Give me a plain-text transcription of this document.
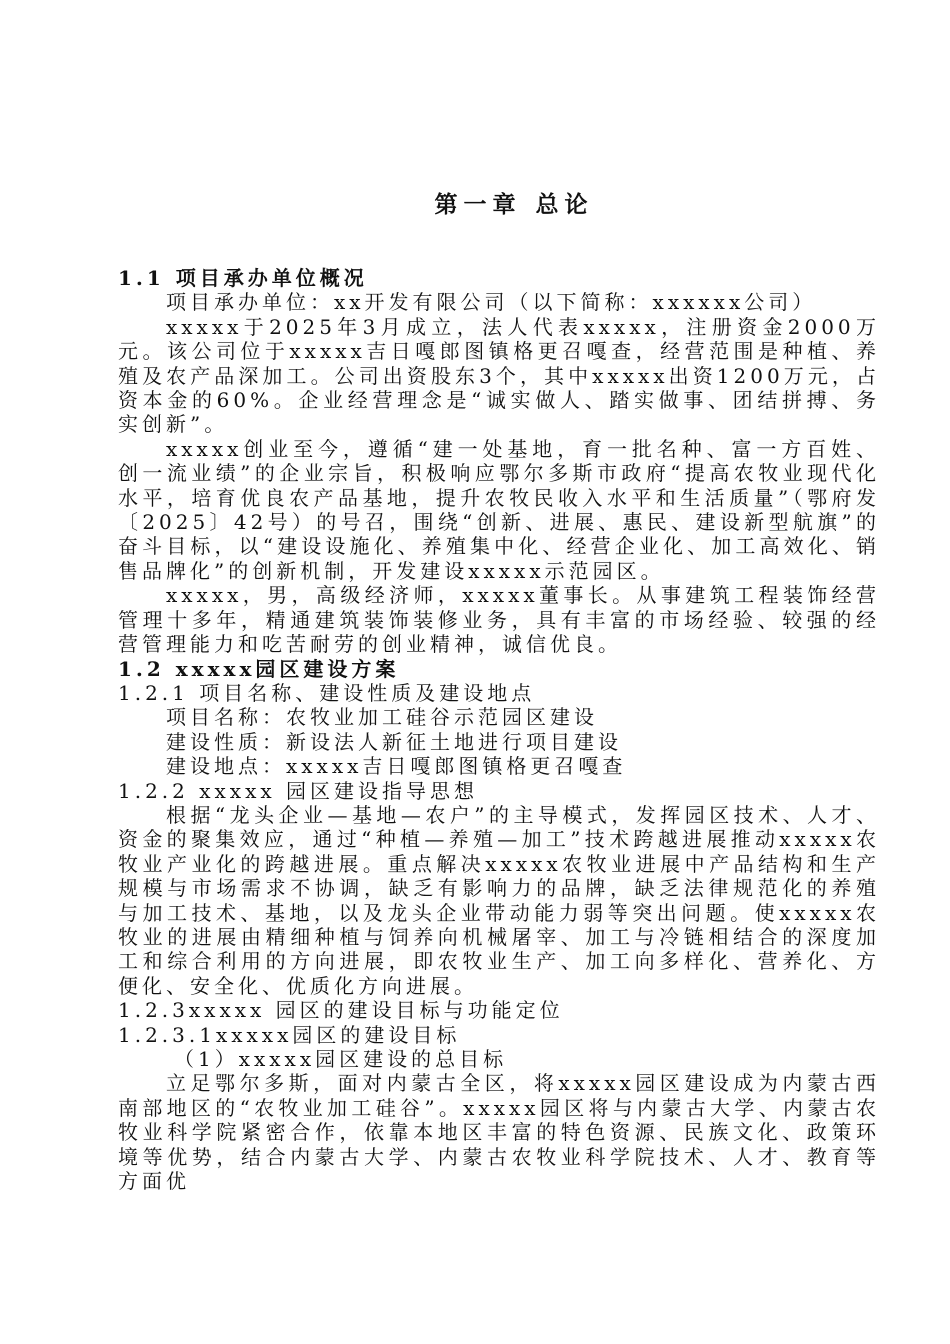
第一章 总论

1.1 项目承办单位概况

项目承办单位：xx开发有限公司（以下简称：xxxxxx公司）

xxxxx于2025年3月成立，法人代表xxxxx，注册资金2000万元。该公司位于xxxxx吉日嘎郎图镇格更召嘎查，经营范围是种植、养殖及农产品深加工。公司出资股东3个，其中xxxxx出资1200万元，占资本金的60%。企业经营理念是“诚实做人、踏实做事、团结拼搏、务实创新”。

xxxxx创业至今，遵循“建一处基地，育一批名种、富一方百姓、创一流业绩”的企业宗旨，积极响应鄂尔多斯市政府“提高农牧业现代化水平，培育优良农产品基地，提升农牧民收入水平和生活质量”（鄂府发〔2025〕42号）的号召，围绕“创新、进展、惠民、建设新型航旗”的奋斗目标，以“建设设施化、养殖集中化、经营企业化、加工高效化、销售品牌化”的创新机制，开发建设xxxxx示范园区。

xxxxx，男，高级经济师，xxxxx董事长。从事建筑工程装饰经营管理十多年，精通建筑装饰装修业务，具有丰富的市场经验、较强的经营管理能力和吃苦耐劳的创业精神，诚信优良。

1.2 xxxxx园区建设方案

1.2.1 项目名称、建设性质及建设地点

项目名称：农牧业加工硅谷示范园区建设

建设性质：新设法人新征土地进行项目建设

建设地点：xxxxx吉日嘎郎图镇格更召嘎查

1.2.2 xxxxx 园区建设指导思想

根据“龙头企业—基地—农户”的主导模式，发挥园区技术、人才、资金的聚集效应，通过“种植—养殖—加工”技术跨越进展推动xxxxx农牧业产业化的跨越进展。重点解决xxxxx农牧业进展中产品结构和生产规模与市场需求不协调，缺乏有影响力的品牌，缺乏法律规范化的养殖与加工技术、基地，以及龙头企业带动能力弱等突出问题。使xxxxx农牧业的进展由精细种植与饲养向机械屠宰、加工与冷链相结合的深度加工和综合利用的方向进展，即农牧业生产、加工向多样化、营养化、方便化、安全化、优质化方向进展。

1.2.3xxxxx 园区的建设目标与功能定位

1.2.3.1xxxxx园区的建设目标

（1）xxxxx园区建设的总目标

立足鄂尔多斯，面对内蒙古全区，将xxxxx园区建设成为内蒙古西南部地区的“农牧业加工硅谷”。xxxxx园区将与内蒙古大学、内蒙古农牧业科学院紧密合作，依靠本地区丰富的特色资源、民族文化、政策环境等优势，结合内蒙古大学、内蒙古农牧业科学院技术、人才、教育等方面优
